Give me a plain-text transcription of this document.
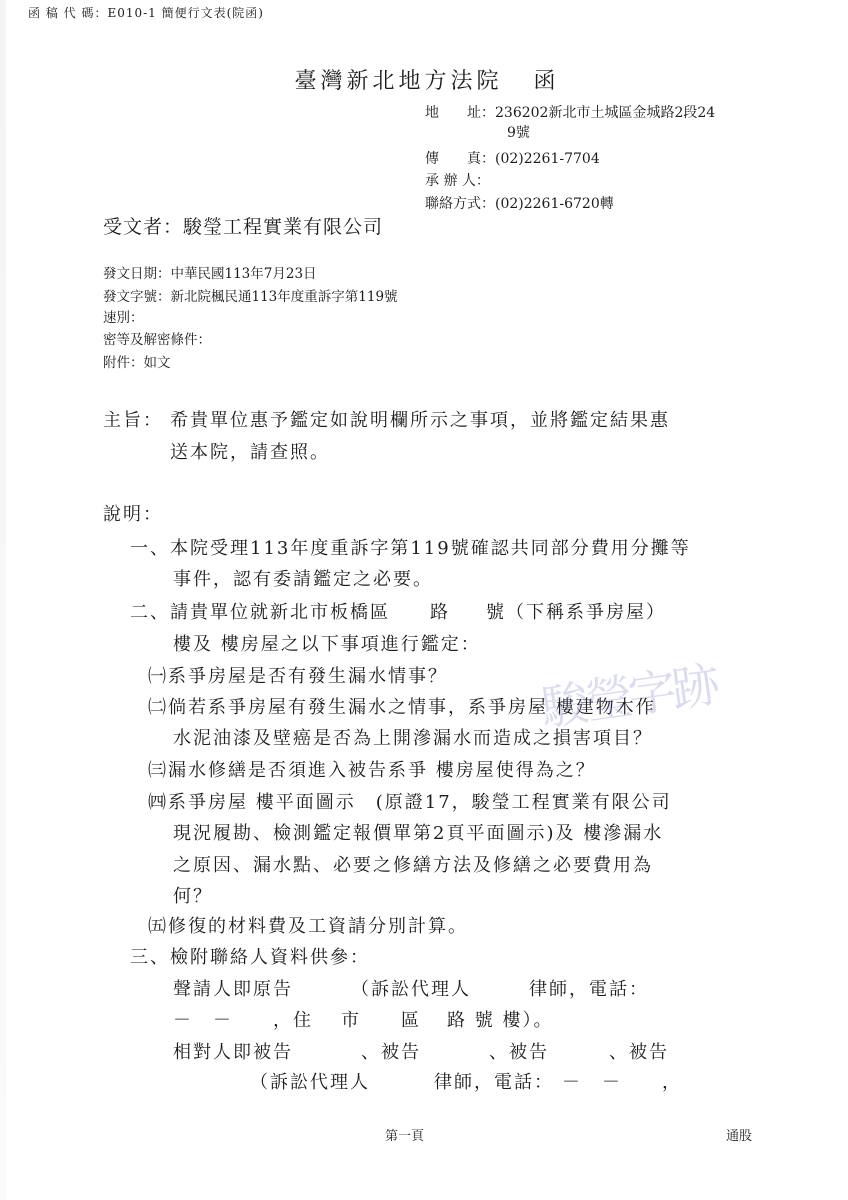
函 稿 代 碼：E010-1 簡便行文表(院函)
臺灣新北地方法院 函
地　　址：236202新北市土城區金城路2段24
9號
傳　　真：(02)2261-7704
承 辦 人：
聯絡方式：(02)2261-6720轉
受文者：駿瑩工程實業有限公司
發文日期：中華民國113年7月23日
發文字號：新北院楓民通113年度重訴字第119號
速別：
密等及解密條件：
附件：如文
主旨： 希貴單位惠予鑑定如說明欄所示之事項，並將鑑定結果惠
送本院，請查照。
說明：
一、本院受理113年度重訴字第119號確認共同部分費用分攤等
事件，認有委請鑑定之必要。
二、請貴單位就新北市板橋區 路 號（下稱系爭房屋）
樓及 樓房屋之以下事項進行鑑定：
㈠系爭房屋是否有發生漏水情事？
㈡倘若系爭房屋有發生漏水之情事，系爭房屋 樓建物木作
水泥油漆及壁癌是否為上開滲漏水而造成之損害項目？
㈢漏水修繕是否須進入被告系爭 樓房屋使得為之？
㈣系爭房屋 樓平面圖示　(原證17，駿瑩工程實業有限公司
現況履勘、檢測鑑定報價單第2頁平面圖示)及 樓滲漏水
之原因、漏水點、必要之修繕方法及修繕之必要費用為
何？
㈤修復的材料費及工資請分別計算。
三、檢附聯絡人資料供參：
聲請人即原告	（訴訟代理人	律師，電話：
－　－ ，住 市 區 路 號 樓）。
相對人即被告	、被告	、被告	、被告
（訴訟代理人	律師，電話： －　－ ，
駿瑩字跡
第一頁	通股
